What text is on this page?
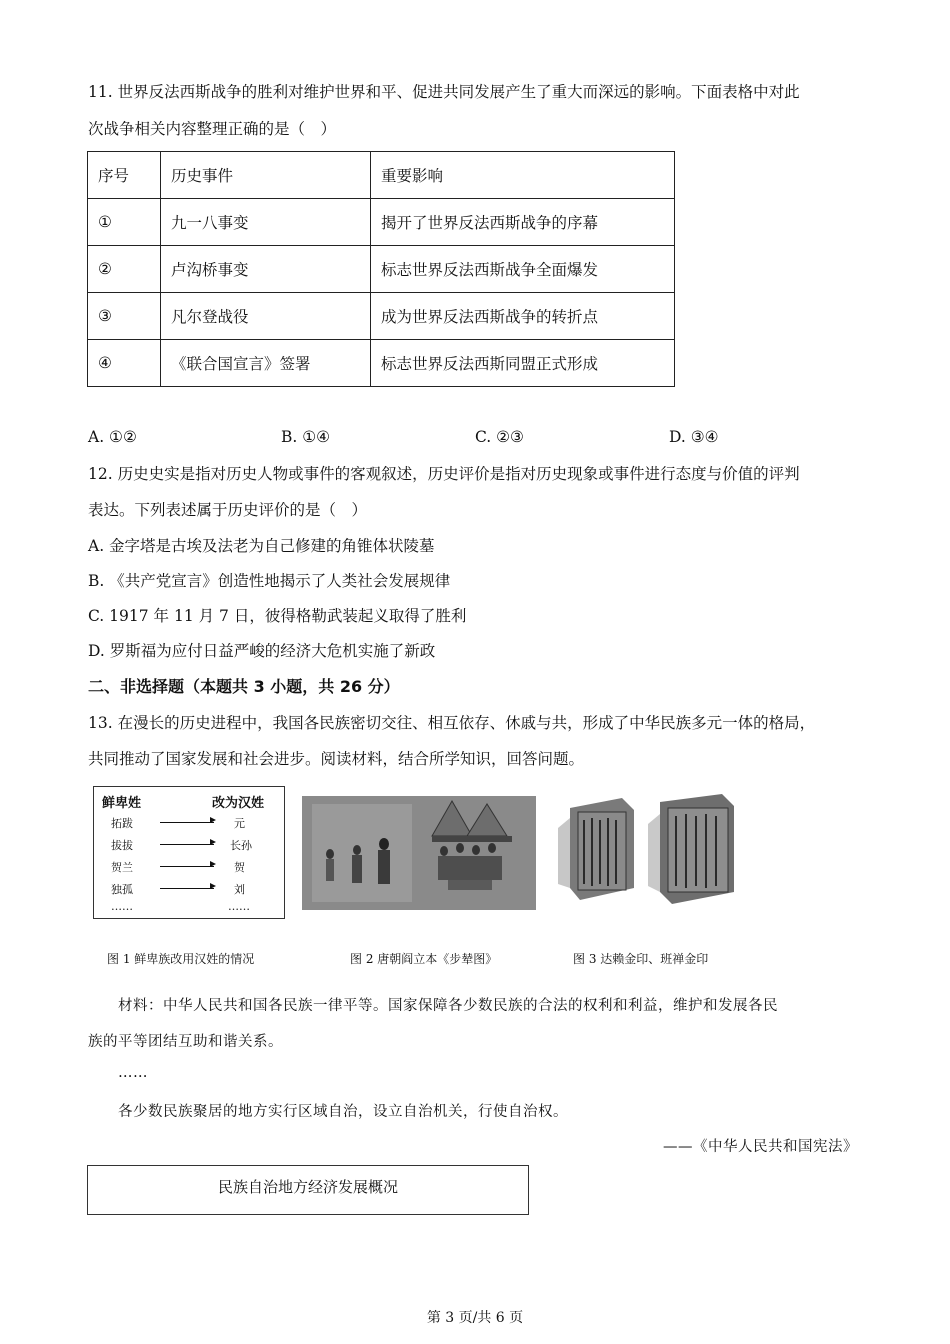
11. 世界反法西斯战争的胜利对维护世界和平、促进共同发展产生了重大而深远的影响。下面表格中对此
次战争相关内容整理正确的是（　）
序号	历史事件	重要影响
①	九一八事变	揭开了世界反法西斯战争的序幕
②	卢沟桥事变	标志世界反法西斯战争全面爆发
③	凡尔登战役	成为世界反法西斯战争的转折点
④	《联合国宣言》签署	标志世界反法西斯同盟正式形成
A. ①②	B. ①④	C. ②③	D. ③④
12. 历史史实是指对历史人物或事件的客观叙述，历史评价是指对历史现象或事件进行态度与价值的评判
表达。下列表述属于历史评价的是（　）
A. 金字塔是古埃及法老为自己修建的角锥体状陵墓
B. 《共产党宣言》创造性地揭示了人类社会发展规律
C. 1917 年 11 月 7 日，彼得格勒武装起义取得了胜利
D. 罗斯福为应付日益严峻的经济大危机实施了新政
二、非选择题（本题共 3 小题，共 26 分）
13. 在漫长的历史进程中，我国各民族密切交往、相互依存、休戚与共，形成了中华民族多元一体的格局，
共同推动了国家发展和社会进步。阅读材料，结合所学知识，回答问题。
鲜卑姓	改为汉姓
拓跋	元
拔拔	长孙
贺兰	贺
独孤	刘
……	……
图 1 鲜卑族改用汉姓的情况	图 2 唐朝阎立本《步辇图》	图 3 达赖金印、班禅金印
材料：中华人民共和国各民族一律平等。国家保障各少数民族的合法的权利和利益，维护和发展各民
族的平等团结互助和谐关系。
……
各少数民族聚居的地方实行区域自治，设立自治机关，行使自治权。
——《中华人民共和国宪法》
民族自治地方经济发展概况
第 3 页/共 6 页
